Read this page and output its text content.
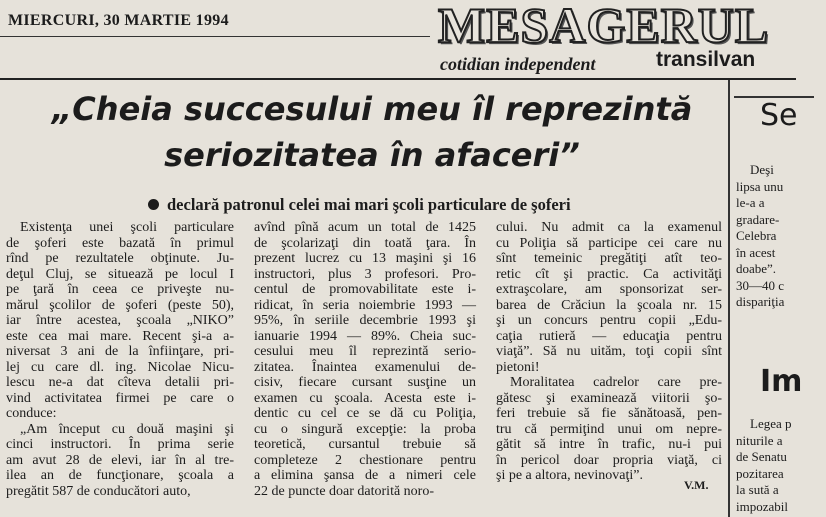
MIERCURI, 30 MARTIE 1994	MESAGERUL
cotidian independent	transilvan
„Cheia succesului meu îl reprezintă
seriozitatea în afaceri”
declară patronul celei mai mari şcoli particulare de şoferi
Existenţa unei şcoli particulare
de şoferi este bazată în primul
rînd pe rezultatele obţinute. Ju-
deţul Cluj, se situează pe locul I
pe ţară în ceea ce priveşte nu-
mărul şcolilor de şoferi (peste 50),
iar între acestea, şcoala „NIKO”
este cea mai mare. Recent şi-a a-
niversat 3 ani de la înfiinţare, pri-
lej cu care dl. ing. Nicolae Nicu-
lescu ne-a dat cîteva detalii pri-
vind activitatea firmei pe care o
conduce:
„Am început cu două maşini şi
cinci instructori. În prima serie
am avut 28 de elevi, iar în al tre-
ilea an de funcţionare, şcoala a
pregătit 587 de conducători auto,
avînd pînă acum un total de 1425
de şcolarizaţi din toată ţara. În
prezent lucrez cu 13 maşini şi 16
instructori, plus 3 profesori. Pro-
centul de promovabilitate este i-
ridicat, în seria noiembrie 1993 —
95%, în seriile decembrie 1993 şi
ianuarie 1994 — 89%. Cheia suc-
cesului meu îl reprezintă serio-
zitatea. Înaintea examenului de-
cisiv, fiecare cursant susţine un
examen cu şcoala. Acesta este i-
dentic cu cel ce se dă cu Poliţia,
cu o singură excepţie: la proba
teoretică, cursantul trebuie să
completeze 2 chestionare pentru
a elimina şansa de a nimeri cele
22 de puncte doar datorită noro-
cului. Nu admit ca la examenul
cu Poliţia să participe cei care nu
sînt temeinic pregătiţi atît teo-
retic cît şi practic. Ca activităţi
extraşcolare, am sponsorizat ser-
barea de Crăciun la şcoala nr. 15
şi un concurs pentru copii „Edu-
caţia rutieră — educaţia pentru
viaţă”. Să nu uităm, toţi copii sînt
pietoni!
Moralitatea cadrelor care pre-
gătesc şi examinează viitorii şo-
feri trebuie să fie sănătoasă, pen-
tru că permiţind unui om nepre-
gătit să intre în trafic, nu-i pui
în pericol doar propria viaţă, ci
şi pe a altora, nevinovaţi”.
V.M.
Se
Deşi
lipsa unu
le-a a
gradare-
Celebra
în acest
doabe”.
30—40 c
dispariţia
Im
Legea p
niturile a
de Senatu
pozitarea
la sută a
impozabil
